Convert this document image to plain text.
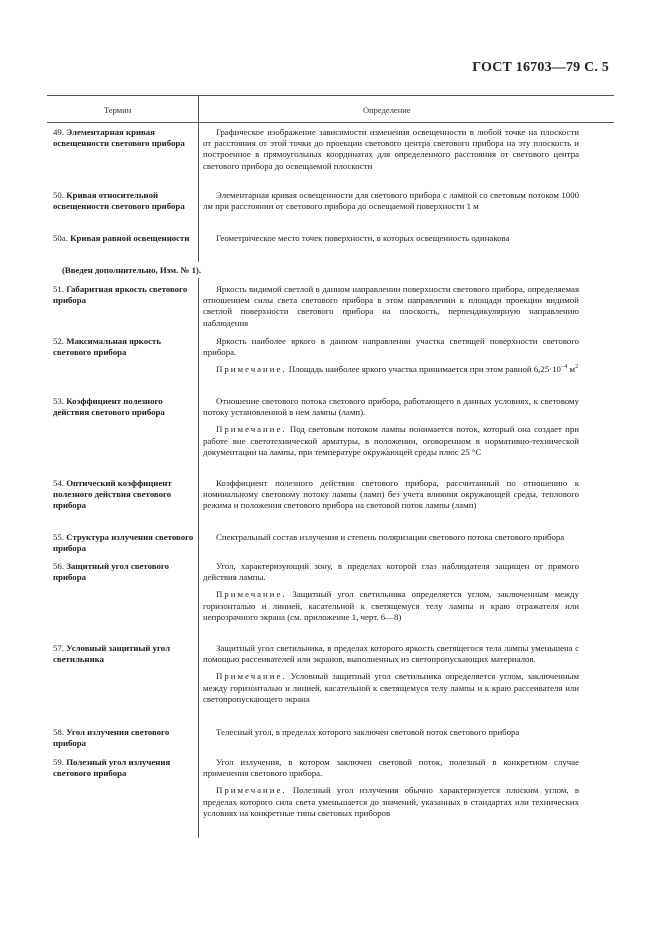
ГОСТ 16703—79 С. 5
Термин	Определение
49. Элементарная кривая освещенности светового прибора

Графическое изображение зависимости изменения освещенности в любой точке на плоскости от расстояния от этой точки до проекции светового центра светового прибора на эту плоскость и построенное в прямоугольных координатах для определенного расстояния от светового центра светового прибора до освещаемой плоскости

50. Кривая относительной освещенности светового прибора

Элементарная кривая освещенности для светового прибора с лампой со световым потоком 1000 лм при расстоянии от светового прибора до освещаемой поверхности 1 м

50а. Кривая равной освещенности	Геометрическое место точек поверхности, в которых освещенность одинакова

(Введен дополнительно, Изм. № 1).
51. Габаритная яркость светового прибора

Яркость видимой светлой в данном направлении поверхности светового прибора, определяемая отношением силы света светового прибора в этом направлении к площади проекции видимой светлой поверхности светового прибора на плоскость, перпендикулярную направлению наблюдения

52. Максимальная яркость светового прибора

Яркость наиболее яркого в данном направлении участка светящей поверхности светового прибора.

Примечание. Площадь наиболее яркого участка принимается при этом равной $6,25\cdot 10^{-4}$ $м^2$

53. Коэффициент полезного действия светового прибора

Отношение светового потока светового прибора, работающего в данных условиях, к световому потоку установленной в нем лампы (ламп).

Примечание. Под световым потоком лампы понимается поток, который она создает при работе вне светотехнической арматуры, в положении, оговоренном в нормативно-технической документации на лампы, при температуре окружающей среды плюс 25 °С

54. Оптический коэффициент полезного действия светового прибора

Коэффициент полезного действия светового прибора, рассчитанный по отношению к номинальному световому потоку лампы (ламп) без учета влияния окружающей среды, теплового режима и положения светового прибора на световой поток лампы (ламп)

55. Структура излучения светового прибора

Спектральный состав излучения и степень поляризации светового потока светового прибора

56. Защитный угол светового прибора

Угол, характеризующий зону, в пределах которой глаз наблюдателя защищен от прямого действия лампы.

Примечание. Защитный угол светильника определяется углом, заключенным между горизонталью и линией, касательной к светящемуся телу лампы и краю отражателя или непрозрачного экрана (см. приложение 1, черт. 6—8)

57. Условный защитный угол светильника

Защитный угол светильника, в пределах которого яркость светящегося тела лампы уменьшена с помощью рассеивателей или экранов, выполненных из светопропускающих материалов.

Примечание. Условный защитный угол светильника определяется углом, заключенным между горизонталью и линией, касательной к светящемуся телу лампы и к краю рассеивателя или светопропускающего экрана

58. Угол излучения светового прибора

Телесный угол, в пределах которого заключен световой поток светового прибора

59. Полезный угол излучения светового прибора

Угол излучения, в котором заключен световой поток, полезный в конкретном случае применения светового прибора.

Примечание. Полезный угол излучения обычно характеризуется плоским углом, в пределах которого сила света уменьшается до значений, указанных в стандартах или технических условиях на конкретные типы световых приборов
